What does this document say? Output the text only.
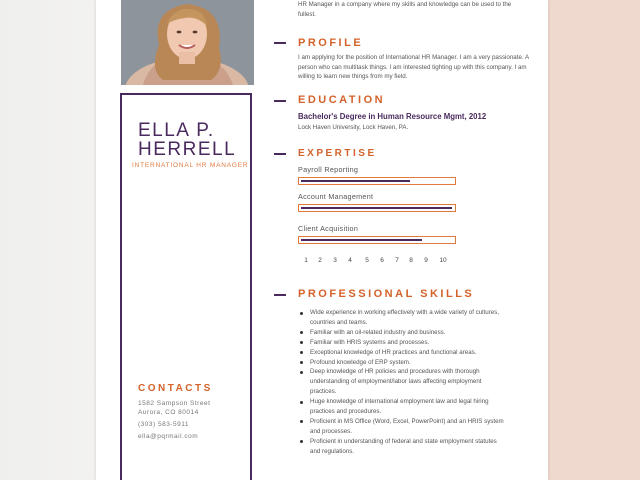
ELLA P.
HERRELL
INTERNATIONAL HR MANAGER
CONTACTS
1582 Sampson Street
Aurora, CO 80014
(303) 583-5911
ella@pqrmail.com
HR Manager in a company where my skills and knowledge can be used to the fullest.
PROFILE
I am applying for the position of International HR Manager. I am a very passionate. A person who can multitask things. I am interested tighting up with this company. I am willing to learn new things from my field.
EDUCATION
Bachelor's Degree in Human Resource Mgmt, 2012
Lock Haven University, Lock Haven, PA.
EXPERTISE
Payroll Reporting
Account Management
Client Acquisition
1	2	3	4	5	6	7	8	9	10
PROFESSIONAL SKILLS
Wide experience in working effectively with a wide variety of cultures, countries and teams.
Familiar with an oil-related industry and business.
Familiar with HRIS systems and processes.
Exceptional knowledge of HR practices and functional areas.
Profound knowledge of ERP system.
Deep knowledge of HR policies and procedures with thorough understanding of employment/labor laws affecting employment practices.
Huge knowledge of international employment law and legal hiring practices and procedures.
Proficient in MS Office (Word, Excel, PowerPoint) and an HRIS system and processes.
Proficient in understanding of federal and state employment statutes and regulations.
